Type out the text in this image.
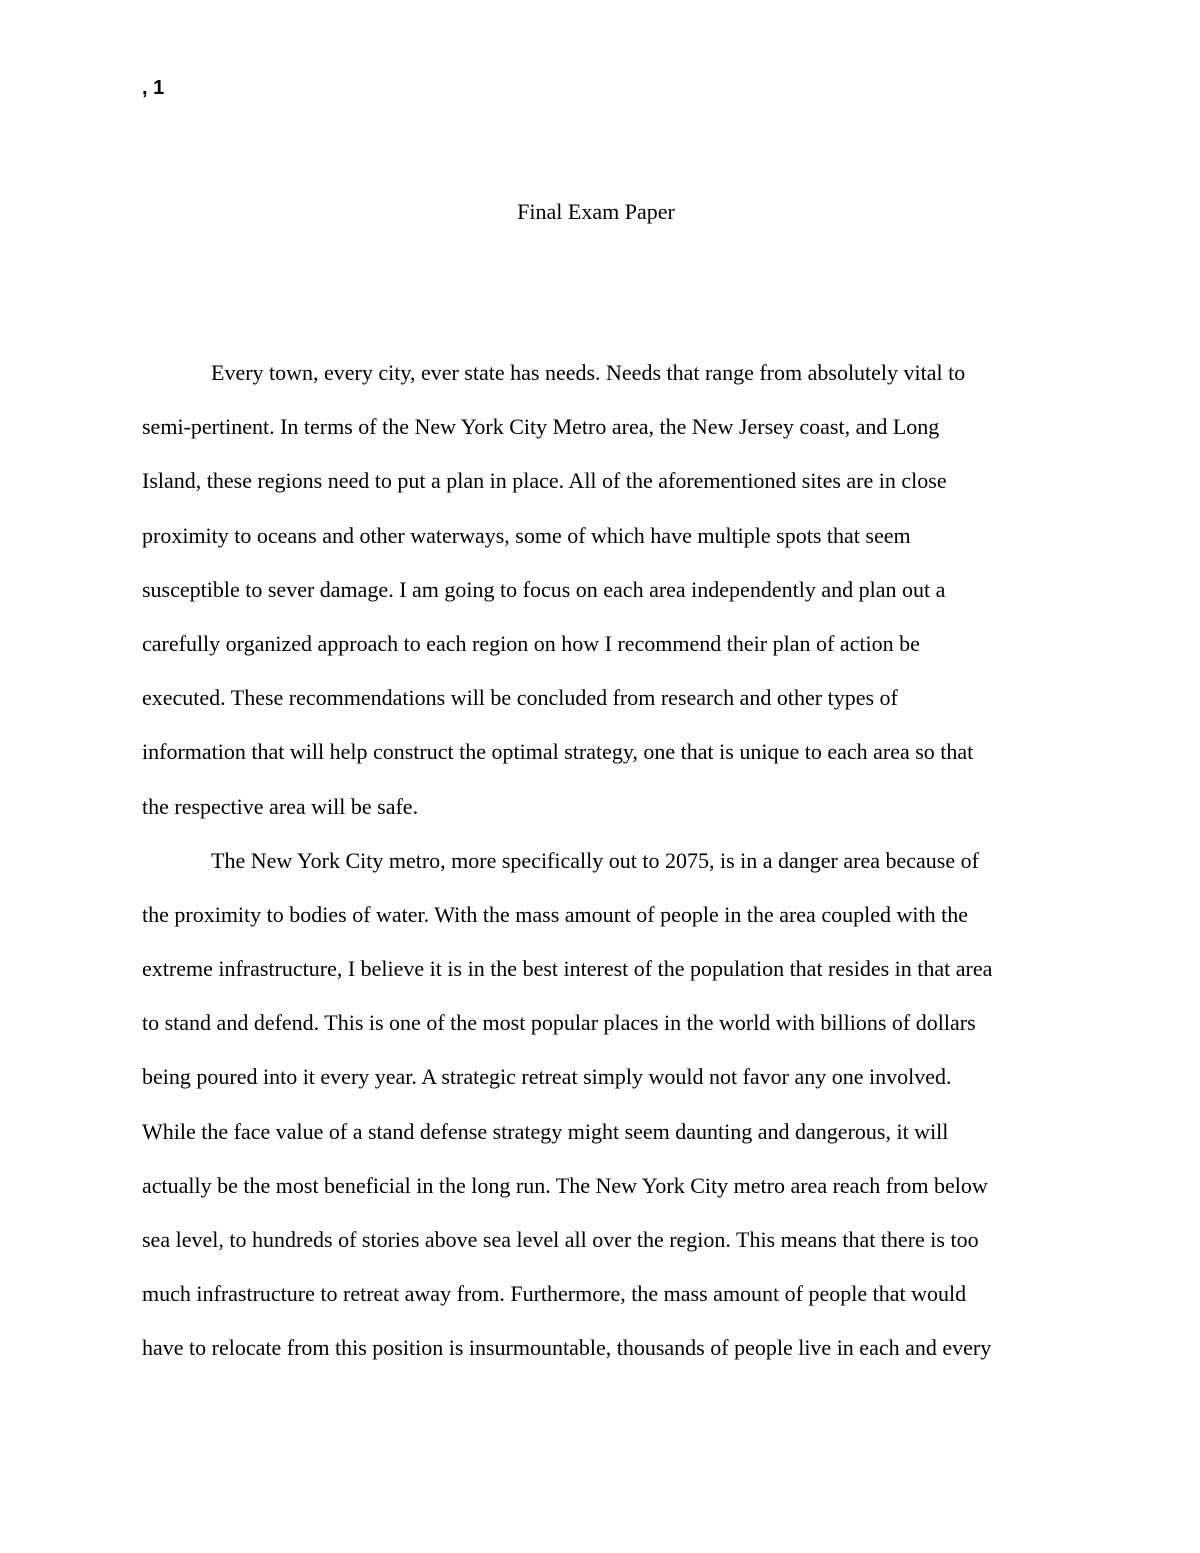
, 1
Final Exam Paper
Every town, every city, ever state has needs. Needs that range from absolutely vital to
semi-pertinent. In terms of the New York City Metro area, the New Jersey coast, and Long
Island, these regions need to put a plan in place. All of the aforementioned sites are in close
proximity to oceans and other waterways, some of which have multiple spots that seem
susceptible to sever damage. I am going to focus on each area independently and plan out a
carefully organized approach to each region on how I recommend their plan of action be
executed. These recommendations will be concluded from research and other types of
information that will help construct the optimal strategy, one that is unique to each area so that
the respective area will be safe.
The New York City metro, more specifically out to 2075, is in a danger area because of
the proximity to bodies of water. With the mass amount of people in the area coupled with the
extreme infrastructure, I believe it is in the best interest of the population that resides in that area
to stand and defend. This is one of the most popular places in the world with billions of dollars
being poured into it every year. A strategic retreat simply would not favor any one involved.
While the face value of a stand defense strategy might seem daunting and dangerous, it will
actually be the most beneficial in the long run. The New York City metro area reach from below
sea level, to hundreds of stories above sea level all over the region. This means that there is too
much infrastructure to retreat away from. Furthermore, the mass amount of people that would
have to relocate from this position is insurmountable, thousands of people live in each and every
